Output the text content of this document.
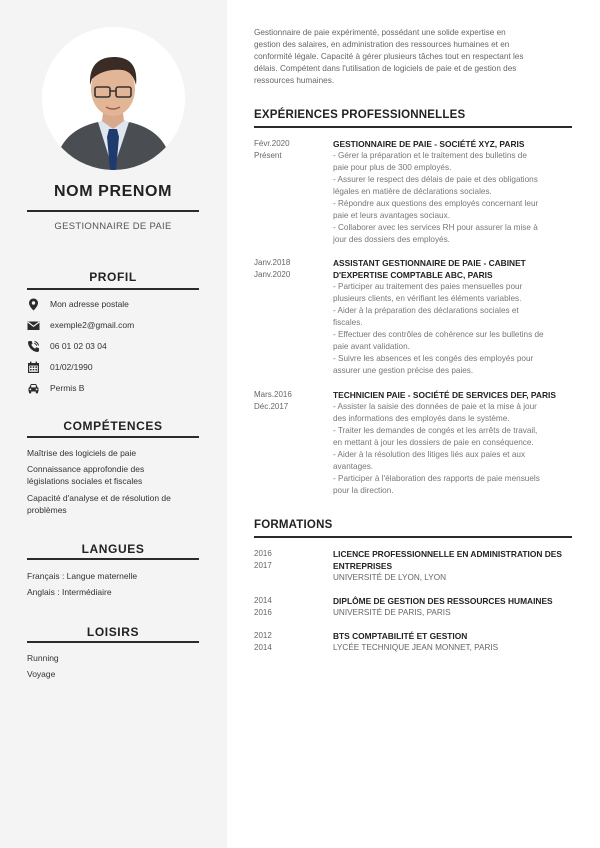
NOM PRENOM
GESTIONNAIRE DE PAIE
PROFIL
Mon adresse postale
exemple2@gmail.com
06 01 02 03 04
01/02/1990
Permis B
COMPÉTENCES
Maîtrise des logiciels de paie
Connaissance approfondie des
législations sociales et fiscales
Capacité d'analyse et de résolution de
problèmes
LANGUES
Français : Langue maternelle
Anglais : Intermédiaire
LOISIRS
Running
Voyage
Gestionnaire de paie expérimenté, possédant une solide expertise en
gestion des salaires, en administration des ressources humaines et en
conformité légale. Capacité à gérer plusieurs tâches tout en respectant les
délais. Compétent dans l'utilisation de logiciels de paie et de gestion des
ressources humaines.
EXPÉRIENCES PROFESSIONNELLES
Févr.2020
Présent
GESTIONNAIRE DE PAIE - SOCIÉTÉ XYZ, PARIS
- Gérer la préparation et le traitement des bulletins de
paie pour plus de 300 employés.
- Assurer le respect des délais de paie et des obligations
légales en matière de déclarations sociales.
- Répondre aux questions des employés concernant leur
paie et leurs avantages sociaux.
- Collaborer avec les services RH pour assurer la mise à
jour des dossiers des employés.
Janv.2018
Janv.2020
ASSISTANT GESTIONNAIRE DE PAIE - CABINET
D'EXPERTISE COMPTABLE ABC, PARIS
- Participer au traitement des paies mensuelles pour
plusieurs clients, en vérifiant les éléments variables.
- Aider à la préparation des déclarations sociales et
fiscales.
- Effectuer des contrôles de cohérence sur les bulletins de
paie avant validation.
- Suivre les absences et les congés des employés pour
assurer une gestion précise des paies.
Mars.2016
Déc.2017
TECHNICIEN PAIE - SOCIÉTÉ DE SERVICES DEF, PARIS
- Assister la saisie des données de paie et la mise à jour
des informations des employés dans le système.
- Traiter les demandes de congés et les arrêts de travail,
en mettant à jour les dossiers de paie en conséquence.
- Aider à la résolution des litiges liés aux paies et aux
avantages.
- Participer à l'élaboration des rapports de paie mensuels
pour la direction.
FORMATIONS
2016
2017
LICENCE PROFESSIONNELLE EN ADMINISTRATION DES
ENTREPRISES
UNIVERSITÉ DE LYON, LYON
2014
2016
DIPLÔME DE GESTION DES RESSOURCES HUMAINES
UNIVERSITÉ DE PARIS, PARIS
2012
2014
BTS COMPTABILITÉ ET GESTION
LYCÉE TECHNIQUE JEAN MONNET, PARIS
